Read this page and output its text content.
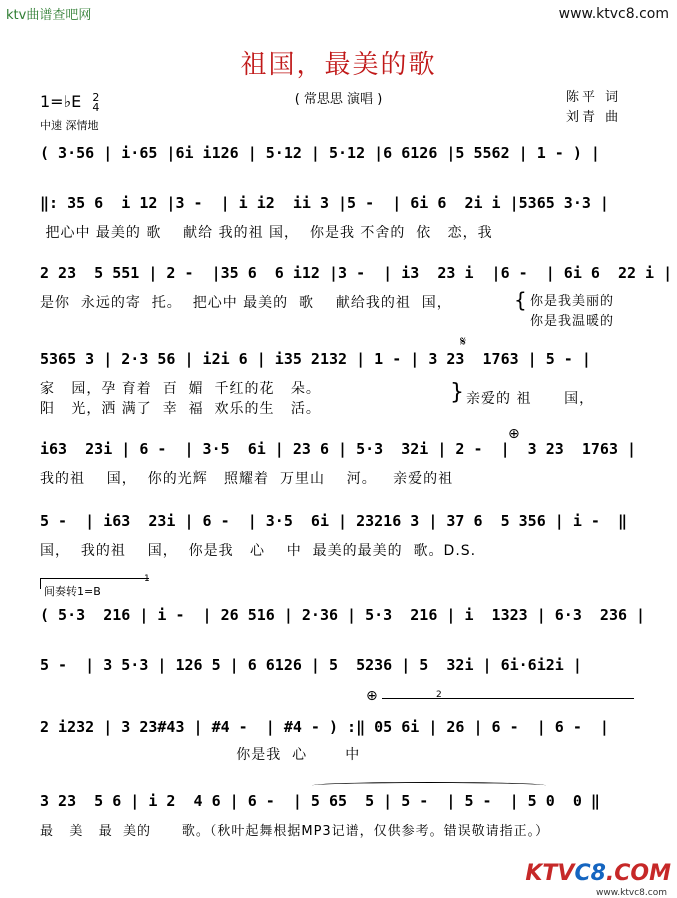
ktv曲谱查吧网	www.ktvc8.com
祖国，最美的歌
( 常思思 演唱 )	陈平 词
刘青 曲
1=♭E 2
4
中速 深情地
( 3·56 | i·65 |6i i126 | 5·12 | 5·12 |6 6126 |5 5562 | 1 - ) |
‖: 35 6  i 12 |3 -  | i i2  ii 3 |5 -  | 6i 6  2i i |5365 3·3 |
把心中 最美的 歌    献给 我的祖 国，  你是我 不舍的  依   恋，我
2 23  5 551 | 2 -  |35 6  6 i12 |3 -  | i3  23 i  |6 -  | 6i 6  22 i |
是你  永远的寄  托。  把心中 最美的  歌    献给我的祖  国，	{ 你是我美丽的
你是我温暖的
5365 3 | 2·3 56 | i2i 6 | i35 2132 | 1 - | 3 23  1763 | 5 - |
𝄋
家   园，孕 育着  百  媚  千红的花   朵。
阳   光，洒 满了  幸  福  欢乐的生   活。
} 亲爱的 祖      国，
i63  23i | 6 -  | 3·5  6i | 23 6 | 5·3  32i | 2 -  |  3 23  1763 |
⊕
我的祖    国，  你的光辉   照耀着  万里山    河。   亲爱的祖
5 -  | i63  23i | 6 -  | 3·5  6i | 23216 3 | 37 6  5 356 | i -  ‖
国，  我的祖    国，  你是我   心    中  最美的最美的  歌。D.S.
1
间奏转1=B
( 5·3  216 | i -  | 26 516 | 2·36 | 5·3  216 | i  1323 | 6·3  236 |
5 -  | 3 5·3 | 126 5 | 6 6126 | 5  5236 | 5  32i | 6i·6i2i |
⊕	2
2 i232 | 3 23#43 | #4 -  | #4 - ) :‖ 05 6i | 26 | 6 -  | 6 -  |
你是我  心       中
3 23  5 6 | i 2  4 6 | 6 -  | 5 65  5 | 5 -  | 5 -  | 5 0  0 ‖
最   美   最  美的      歌。（秋叶起舞根据MP3记谱，仅供参考。错误敬请指正。）
KTVC8.COM
www.ktvc8.com
